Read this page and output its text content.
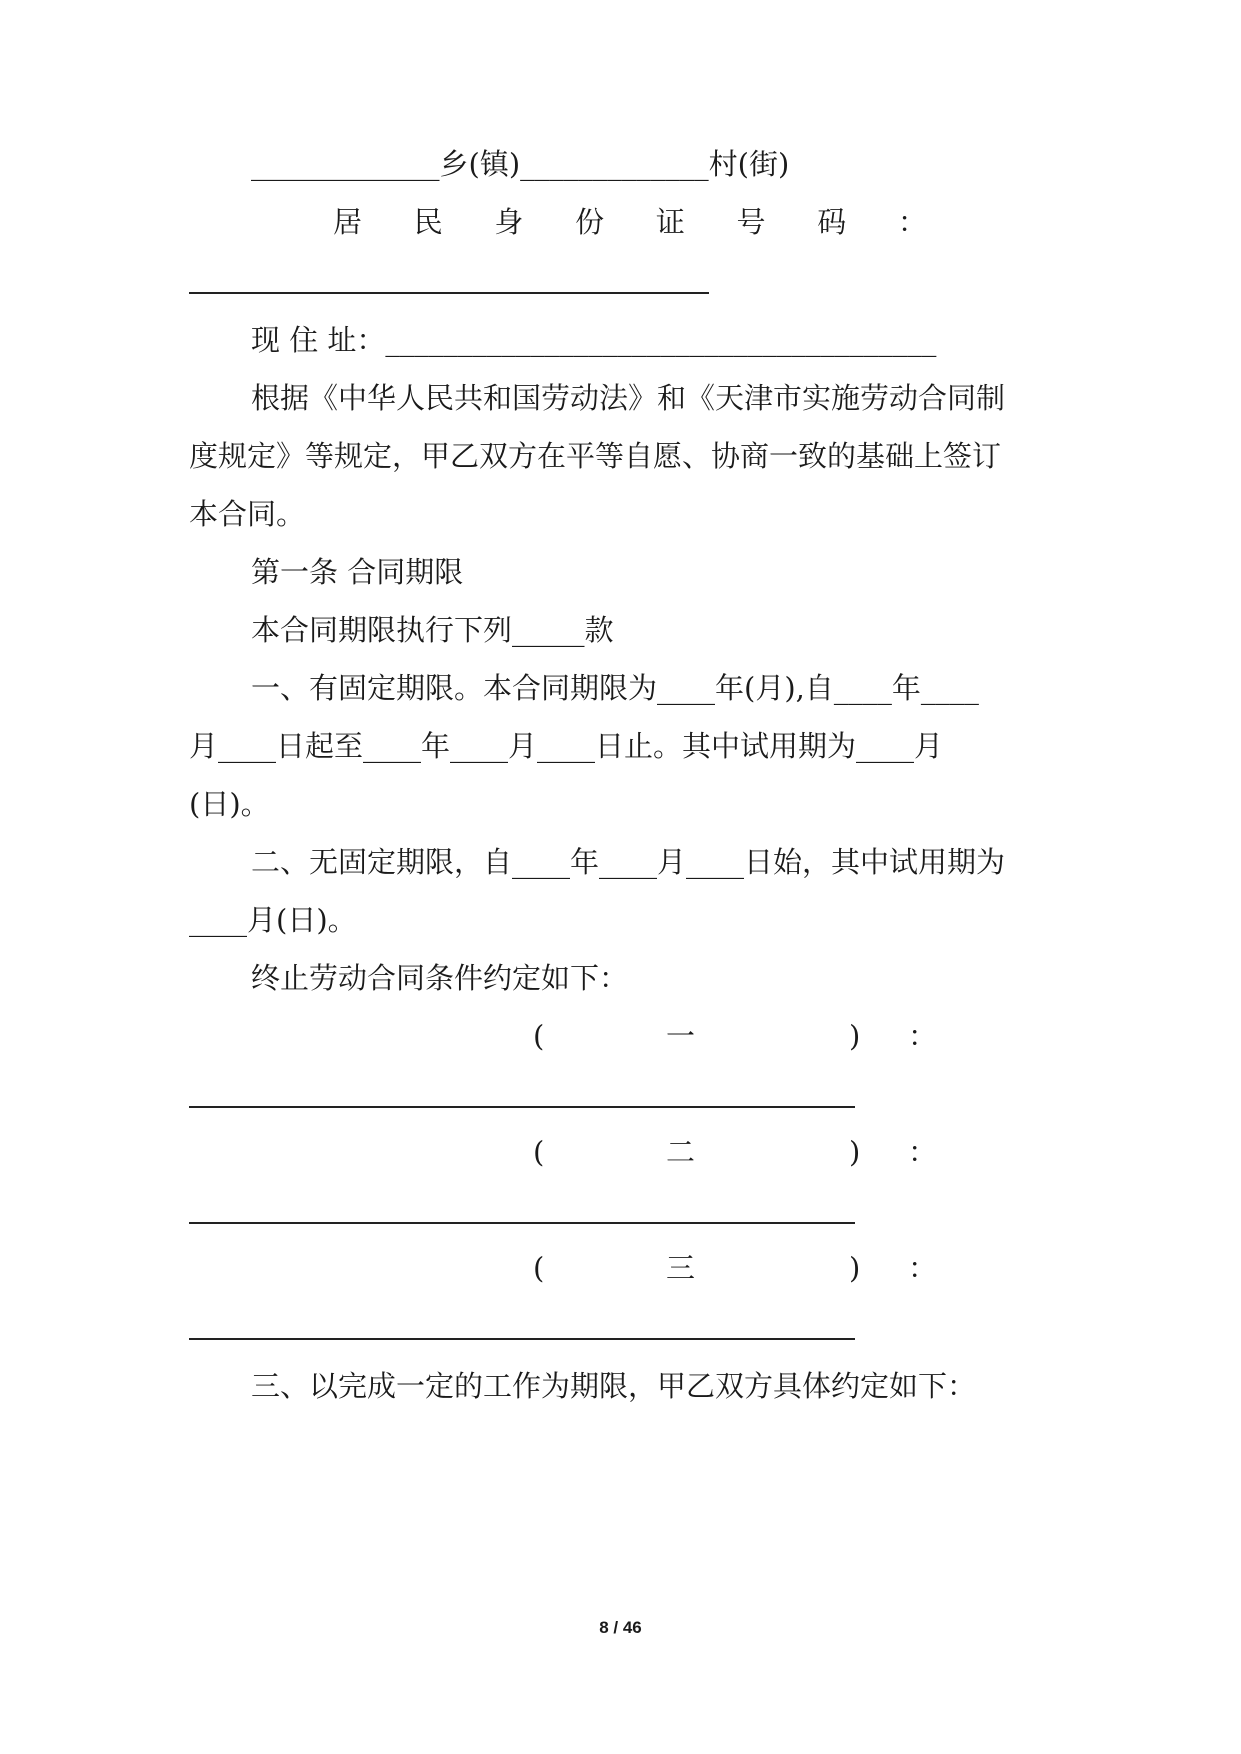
_____________乡(镇)_____________村(街)
居 民 身 份 证 号 码 ：
现 住 址：______________________________________
根据《中华人民共和国劳动法》和《天津市实施劳动合同制
度规定》等规定，甲乙双方在平等自愿、协商一致的基础上签订
本合同。
第一条 合同期限
本合同期限执行下列_____款
一、有固定期限。本合同期限为____年(月),自____年____
月____日起至____年____月____日止。其中试用期为____月
(日)。
二、无固定期限，自____年____月____日始，其中试用期为
____月(日)。
终止劳动合同条件约定如下：
(	一	) ：
(	二	) ：
(	三	) ：
三、以完成一定的工作为期限，甲乙双方具体约定如下：
8 / 46
